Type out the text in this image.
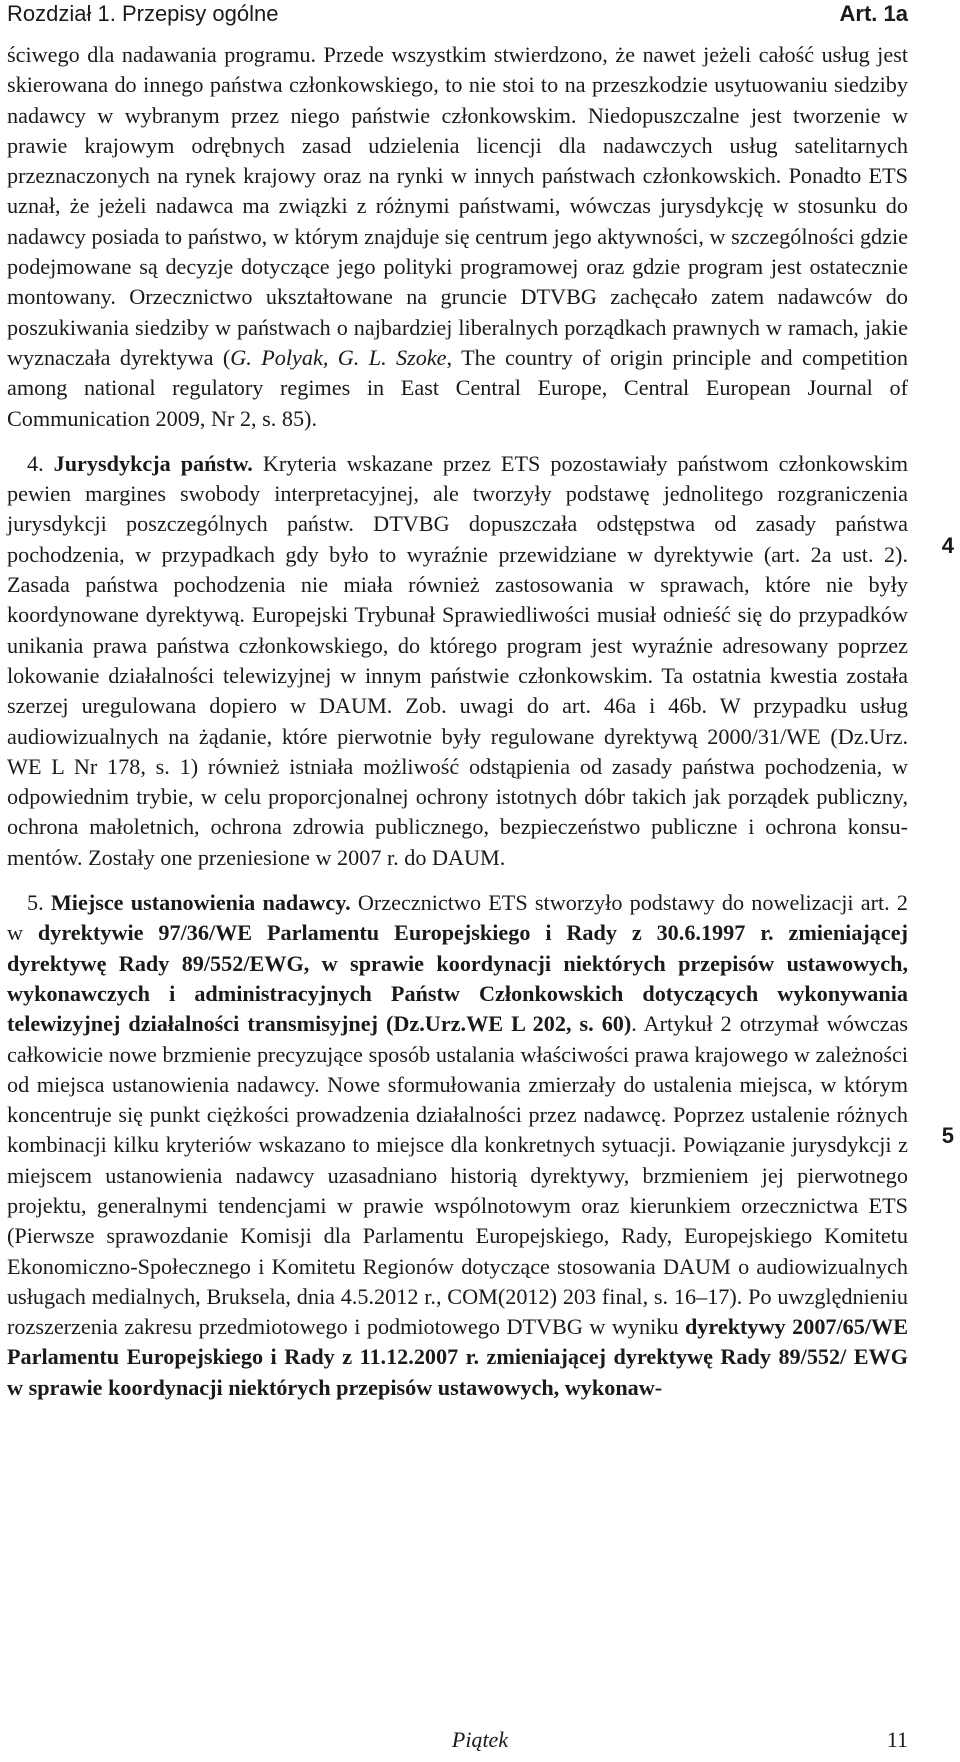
Rozdział 1. Przepisy ogólne	Art. 1a

ściwego dla nadawania programu. Przede wszystkim stwierdzono, że nawet jeżeli całość usług jest skierowana do innego państwa członkowskiego, to nie stoi to na przeszkodzie usytuowaniu siedziby nadawcy w wybranym przez niego państwie członkowskim. Niedopuszczalne jest tworzenie w prawie krajowym odrębnych zasad udzielenia licencji dla nadawczych usług satelitarnych przeznaczonych na rynek krajowy oraz na rynki w innych państwach członkowskich. Ponadto ETS uznał, że jeżeli nadawca ma związki z różnymi państwami, wówczas jurysdykcję w stosunku do nadawcy posiada to państwo, w którym znajduje się centrum jego aktywności, w szczególności gdzie podejmowane są decyzje dotyczące jego polityki programowej oraz gdzie program jest ostatecznie montowany. Orzecznictwo ukształtowane na gruncie DTVBG zachęcało zatem nadawców do poszukiwania siedziby w państwach o najbardziej liberalnych porządkach prawnych w ramach, jakie wyznaczała dyrektywa (G. Polyak, G. L. Szoke, The country of origin principle and competition among national regulatory regimes in East Central Europe, Central European Journal of Communication 2009, Nr 2, s. 85).

4. Jurysdykcja państw. Kryteria wskazane przez ETS pozostawiały państwom członkowskim pewien margines swobody interpretacyjnej, ale tworzyły podstawę jednolitego rozgraniczenia jurysdykcji poszczególnych państw. DTVBG dopuszczała odstępstwa od zasady państwa pochodzenia, w przypadkach gdy było to wyraźnie przewidziane w dyrektywie (art. 2a ust. 2). Zasada państwa pochodzenia nie miała również zastosowania w sprawach, które nie były koordynowane dyrektywą. Europejski Trybunał Sprawiedliwości musiał odnieść się do przypadków unikania prawa państwa członkowskiego, do którego program jest wyraźnie adresowany poprzez lokowanie działalności telewizyjnej w innym państwie członkowskim. Ta ostatnia kwestia została szerzej uregulowana dopiero w DAUM. Zob. uwagi do art. 46a i 46b. W przypadku usług audiowizualnych na żądanie, które pierwotnie były regulowane dyrektywą 2000/31/WE (Dz.Urz. WE L Nr 178, s. 1) również istniała możliwość odstąpienia od zasady państwa pochodzenia, w odpowiednim trybie, w celu proporcjonalnej ochrony istotnych dóbr takich jak porządek publiczny, ochrona małoletnich, ochrona zdrowia publicznego, bezpieczeństwo publiczne i ochrona konsumentów. Zostały one przeniesione w 2007 r. do DAUM.

5. Miejsce ustanowienia nadawcy. Orzecznictwo ETS stworzyło podstawy do nowelizacji art. 2 w dyrektywie 97/36/WE Parlamentu Europejskiego i Rady z 30.6.1997 r. zmieniającej dyrektywę Rady 89/552/EWG, w sprawie koordynacji niektórych przepisów ustawowych, wykonawczych i administracyjnych Państw Członkowskich dotyczących wykonywania telewizyjnej działalności transmisyjnej (Dz.Urz.WE L 202, s. 60). Artykuł 2 otrzymał wówczas całkowicie nowe brzmienie precyzujące sposób ustalania właściwości prawa krajowego w zależności od miejsca ustanowienia nadawcy. Nowe sformułowania zmierzały do ustalenia miejsca, w którym koncentruje się punkt ciężkości prowadzenia działalności przez nadawcę. Poprzez ustalenie różnych kombinacji kilku kryteriów wskazano to miejsce dla konkretnych sytuacji. Powiązanie jurysdykcji z miejscem ustanowienia nadawcy uzasadniano historią dyrektywy, brzmieniem jej pierwotnego projektu, generalnymi tendencjami w prawie wspólnotowym oraz kierunkiem orzecznictwa ETS (Pierwsze sprawozdanie Komisji dla Parlamentu Europejskiego, Rady, Europejskiego Komitetu Ekonomiczno-Społecznego i Komitetu Regionów dotyczące stosowania DAUM o audiowizualnych usługach medialnych, Bruksela, dnia 4.5.2012 r., COM(2012) 203 final, s. 16–17). Po uwzględnieniu rozszerzenia zakresu przedmiotowego i podmiotowego DTVBG w wyniku dyrektywy 2007/65/WE Parlamentu Europejskiego i Rady z 11.12.2007 r. zmieniającej dyrektywę Rady 89/552/ EWG w sprawie koordynacji niektórych przepisów ustawowych, wykonaw-

4
5
Piątek	11
